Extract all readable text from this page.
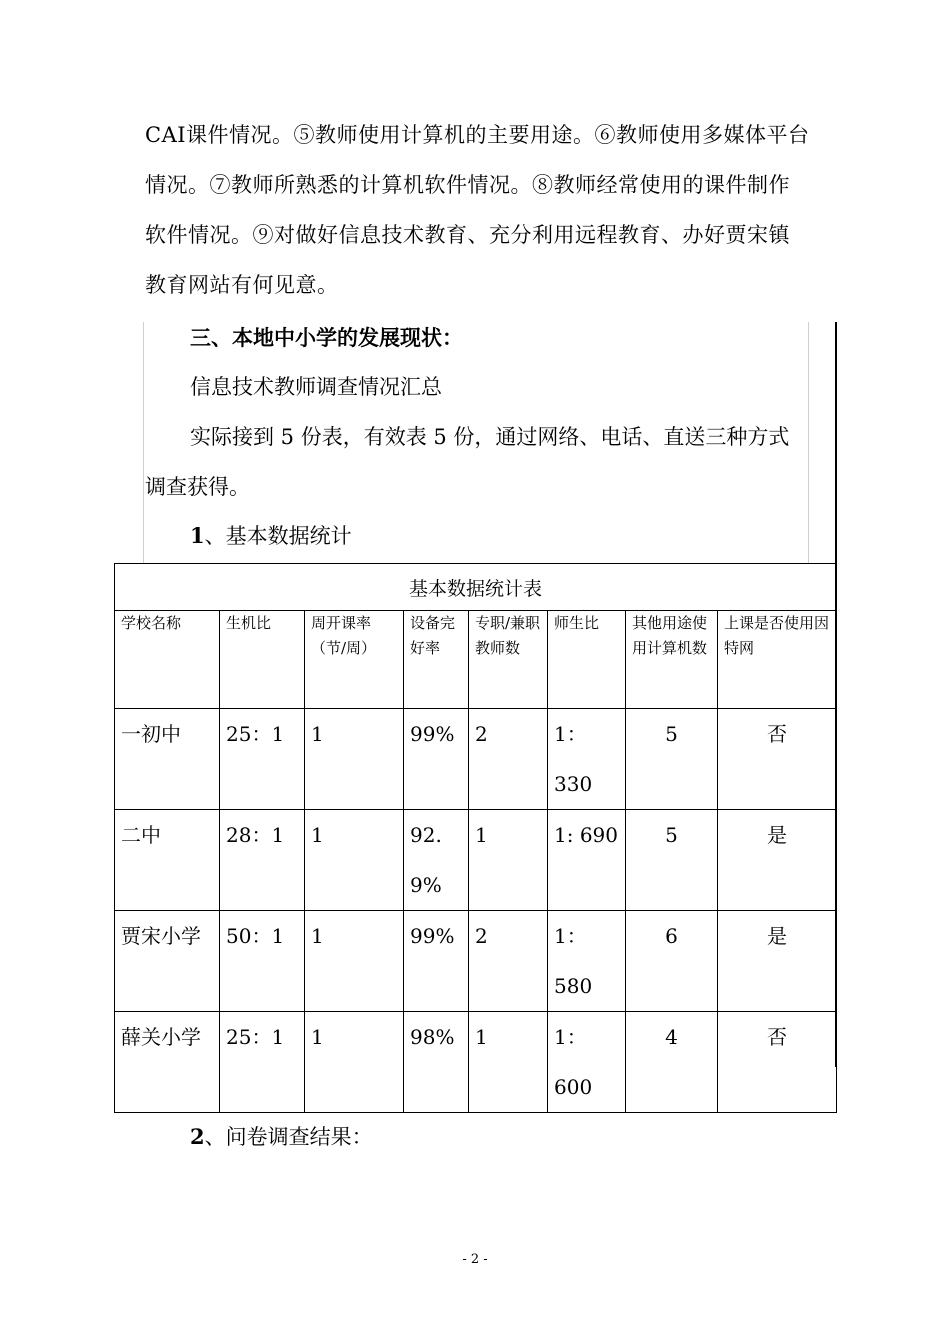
CAⅠ课件情况。⑤教师使用计算机的主要用途。⑥教师使用多媒体平台情况。⑦教师所熟悉的计算机软件情况。⑧教师经常使用的课件制作软件情况。⑨对做好信息技术教育、充分利用远程教育、办好贾宋镇教育网站有何见意。
三、本地中小学的发展现状：
信息技术教师调查情况汇总
实际接到 5 份表，有效表 5 份，通过网络、电话、直送三种方式
调查获得。
1、基本数据统计
基本数据统计表							
学校名称	生机比	周开课率（节/周）	设备完好率	专职/兼职教师数	师生比	其他用途使用计算机数	上课是否使用因特网
一初中	25：1	1	99%	2	1：330	5	否
二中	28：1	1	92.9%	1	1: 690	5	是
贾宋小学	50：1	1	99%	2	1：580	6	是
薛关小学	25：1	1	98%	1	1：600	4	否
2、问卷调查结果：
- 2 -
